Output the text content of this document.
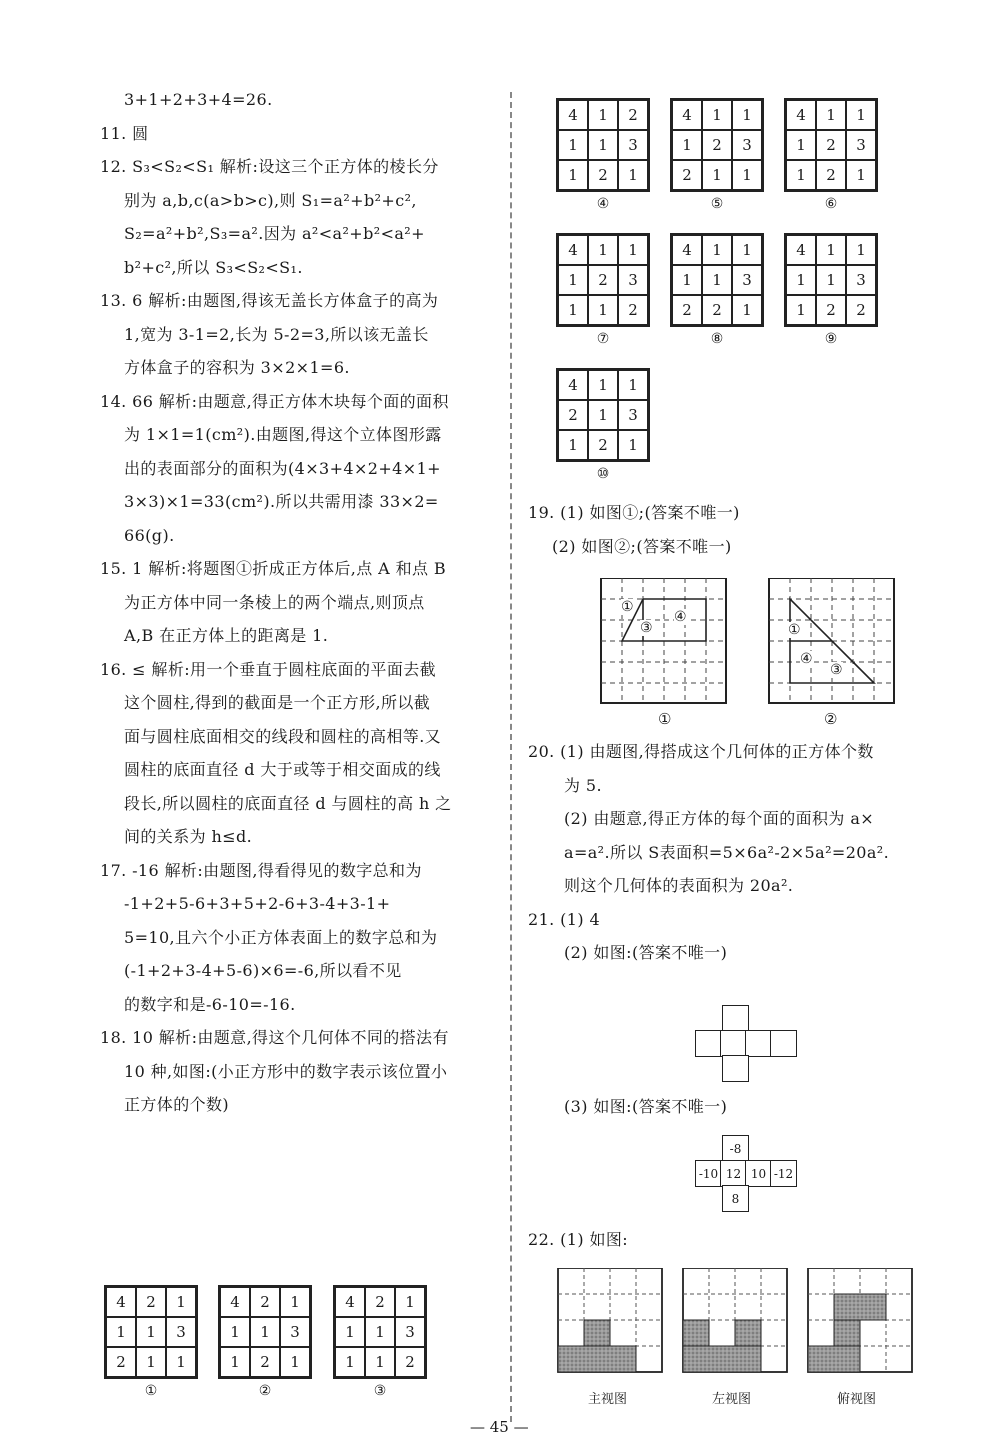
3+1+2+3+4=26.
11. 圆
12. S₃<S₂<S₁ 解析:设这三个正方体的棱长分
别为 a,b,c(a>b>c),则 S₁=a²+b²+c²,
S₂=a²+b²,S₃=a².因为 a²<a²+b²<a²+
b²+c²,所以 S₃<S₂<S₁.
13. 6 解析:由题图,得该无盖长方体盒子的高为
1,宽为 3-1=2,长为 5-2=3,所以该无盖长
方体盒子的容积为 3×2×1=6.
14. 66 解析:由题意,得正方体木块每个面的面积
为 1×1=1(cm²).由题图,得这个立体图形露
出的表面部分的面积为(4×3+4×2+4×1+
3×3)×1=33(cm²).所以共需用漆 33×2=
66(g).
15. 1 解析:将题图①折成正方体后,点 A 和点 B
为正方体中同一条棱上的两个端点,则顶点
A,B 在正方体上的距离是 1.
16. ≤ 解析:用一个垂直于圆柱底面的平面去截
这个圆柱,得到的截面是一个正方形,所以截
面与圆柱底面相交的线段和圆柱的高相等.又
圆柱的底面直径 d 大于或等于相交面成的线
段长,所以圆柱的底面直径 d 与圆柱的高 h 之
间的关系为 h≤d.
17. -16 解析:由题图,得看得见的数字总和为
-1+2+5-6+3+5+2-6+3-4+3-1+
5=10,且六个小正方体表面上的数字总和为
(-1+2+3-4+5-6)×6=-6,所以看不见
的数字和是-6-10=-16.
18. 10 解析:由题意,得这个几何体不同的搭法有
10 种,如图:(小正方形中的数字表示该位置小
正方体的个数)
4	2	1
1	1	3
2	1	1
①
4	2	1
1	1	3
1	2	1
②
4	2	1
1	1	3
1	1	2
③
4	1	2
1	1	3
1	2	1
④
4	1	1
1	2	3
2	1	1
⑤
4	1	1
1	2	3
1	2	1
⑥
4	1	1
1	2	3
1	1	2
⑦
4	1	1
1	1	3
2	2	1
⑧
4	1	1
1	1	3
1	2	2
⑨
4	1	1
2	1	3
1	2	1
⑩
19. (1) 如图①;(答案不唯一)
(2) 如图②;(答案不唯一)
①
③
④
①
④
③
①	②
20. (1) 由题图,得搭成这个几何体的正方体个数
为 5.
(2) 由题意,得正方体的每个面的面积为 a×
a=a².所以 S表面积=5×6a²-2×5a²=20a².
则这个几何体的表面积为 20a².
21. (1) 4
(2) 如图:(答案不唯一)
(3) 如图:(答案不唯一)
-8
-10 12 10 -12
8
22. (1) 如图:
主视图	左视图	俯视图
— 45 —
